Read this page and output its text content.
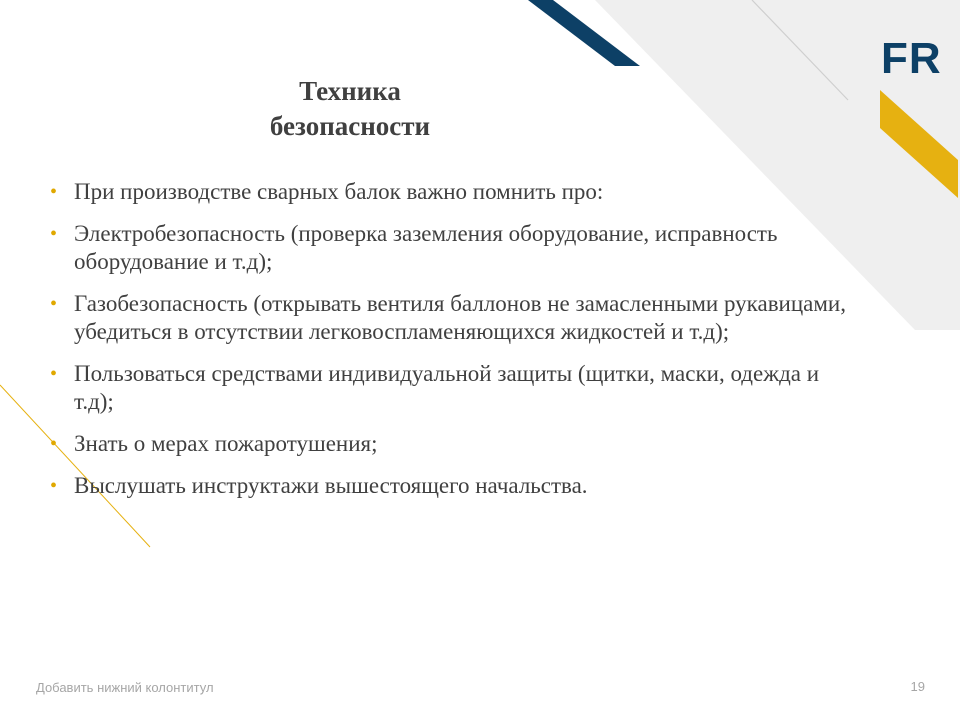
FR
Техника
безопасности
• При производстве сварных балок важно помнить про:
• Электробезопасность (проверка заземления оборудование, исправность оборудование и т.д);
• Газобезопасность (открывать вентиля баллонов не замасленными рукавицами, убедиться в отсутствии легковоспламеняющихся жидкостей и т.д);
• Пользоваться средствами индивидуальной защиты (щитки, маски, одежда и т.д);
• Знать о мерах пожаротушения;
• Выслушать инструктажи вышестоящего начальства.
Добавить нижний колонтитул	19
